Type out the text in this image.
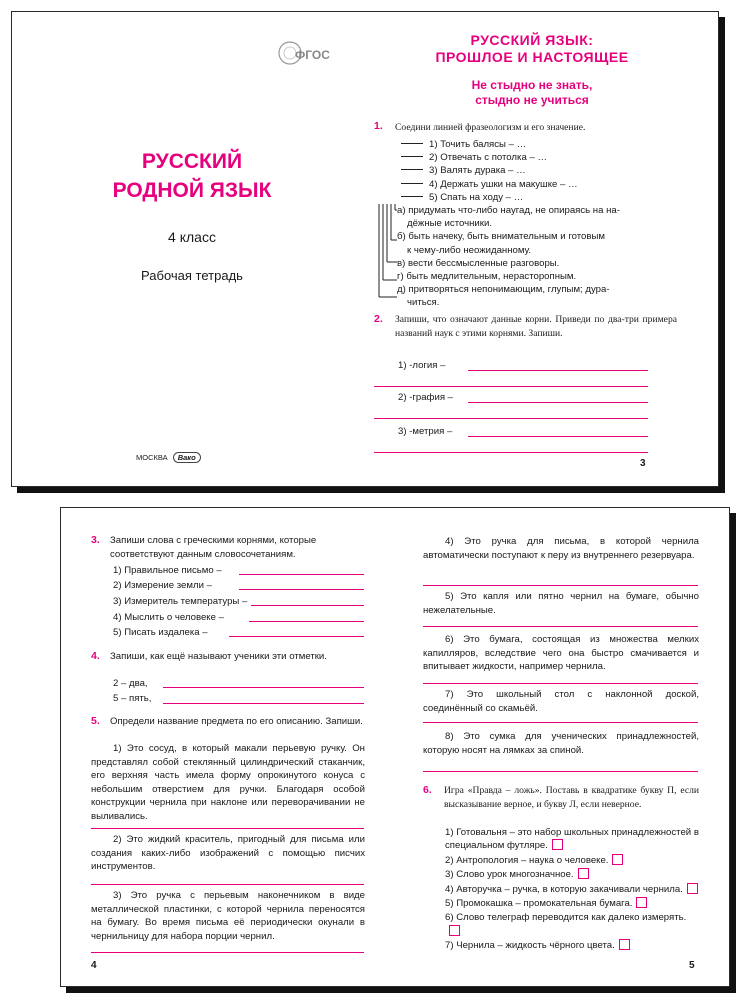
ФГОС
РУССКИЙ
РОДНОЙ ЯЗЫК
4 класс
Рабочая тетрадь
МОСКВА Вако
РУССКИЙ ЯЗЫК:
ПРОШЛОЕ И НАСТОЯЩЕЕ
Не стыдно не знать,
стыдно не учиться
1. Соедини линией фразеологизм и его значение.
1) Точить балясы – …
2) Отвечать с потолка – …
3) Валять дурака – …
4) Держать ушки на макушке – …
5) Спать на ходу – …
а) придумать что-либо наугад, не опираясь на на-
дёжные источники.
б) быть начеку, быть внимательным и готовым
к чему-либо неожиданному.
в) вести бессмысленные разговоры.
г) быть медлительным, нерасторопным.
д) притворяться непонимающим, глупым; дура-
читься.
2. Запиши, что означают данные корни. Приведи по два-три примера названий наук с этими корнями. Запиши.
1) -логия –
2) -графия –
3) -метрия –
3
3. Запиши слова с греческими корнями, которые соответствуют данным словосочетаниям.
1) Правильное письмо –
2) Измерение земли –
3) Измеритель температуры –
4) Мыслить о человеке –
5) Писать издалека –
4. Запиши, как ещё называют ученики эти отметки.
2 – два,
5 – пять,
5. Определи название предмета по его описанию. Запиши.
1) Это сосуд, в который макали перьевую ручку. Он представлял собой стеклянный цилиндрический стаканчик, его верхняя часть имела форму опрокинутого конуса с небольшим отверстием для ручки. Благодаря особой конструкции чернила при наклоне или переворачивании не выливались.
2) Это жидкий краситель, пригодный для письма или создания каких-либо изображений с помощью писчих инструментов.
3) Это ручка с перьевым наконечником в виде металлической пластинки, с которой чернила переносятся на бумагу. Во время письма её периодически окунали в чернильницу для набора порции чернил.
4
4) Это ручка для письма, в которой чернила автоматически поступают к перу из внутреннего резервуара.
5) Это капля или пятно чернил на бумаге, обычно нежелательные.
6) Это бумага, состоящая из множества мелких капилляров, вследствие чего она быстро смачивается и впитывает жидкости, например чернила.
7) Это школьный стол с наклонной доской, соединённый со скамьёй.
8) Это сумка для ученических принадлежностей, которую носят на лямках за спиной.
6. Игра «Правда – ложь». Поставь в квадратике букву П, если высказывание верное, и букву Л, если неверное.
1) Готовальня – это набор школьных принадлежностей в специальном футляре.
2) Антропология – наука о человеке.
3) Слово урок многозначное.
4) Авторучка – ручка, в которую закачивали чернила.
5) Промокашка – промокательная бумага.
6) Слово телеграф переводится как далеко измерять.
7) Чернила – жидкость чёрного цвета.
5
